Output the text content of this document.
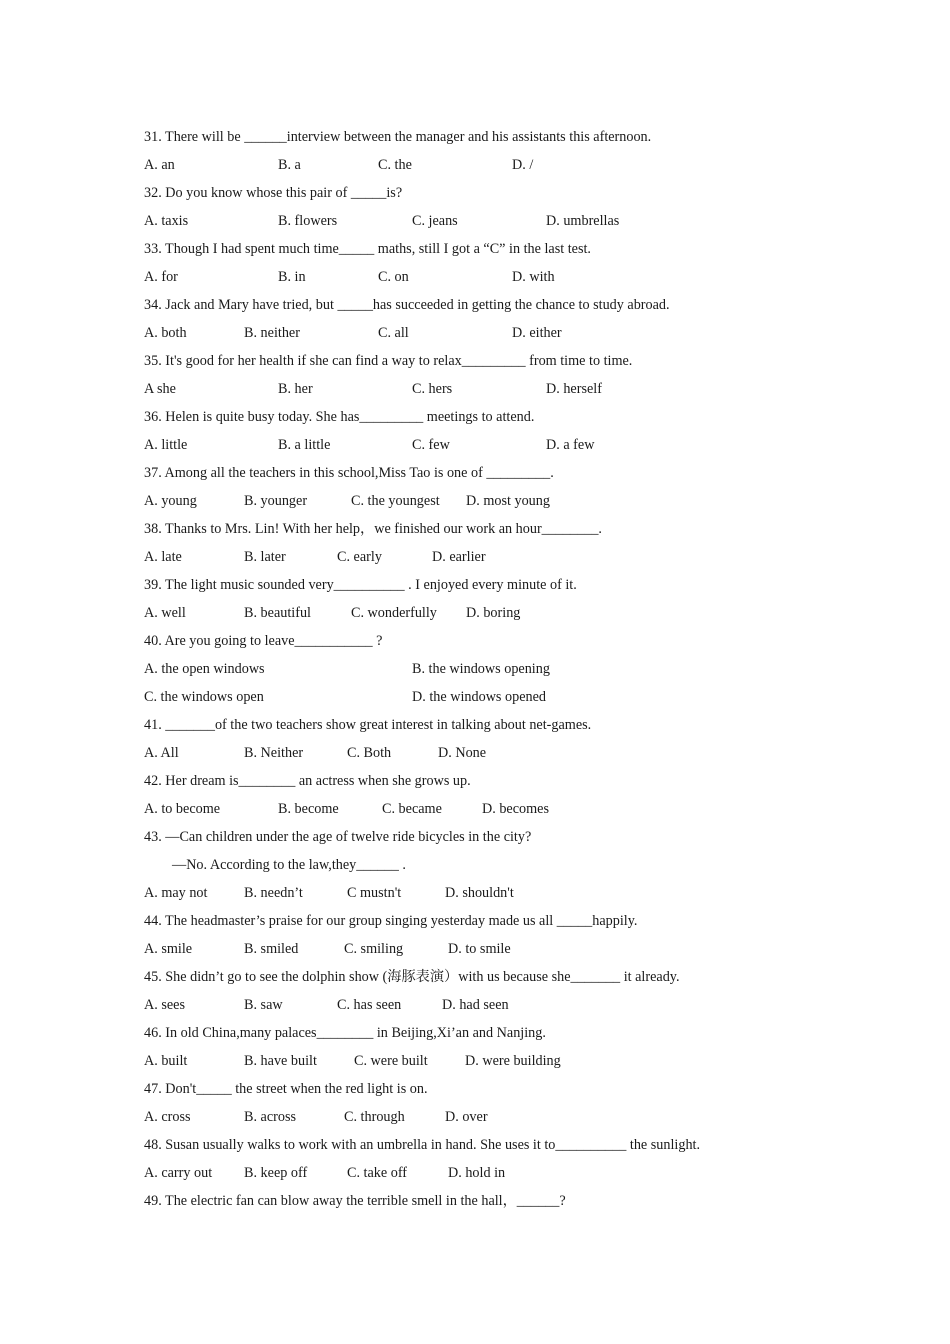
31. There will be ______interview between the manager and his assistants this afternoon.
A. an	B. a	C. the	D. /
32. Do you know whose this pair of _____is?
A. taxis	B. flowers	C. jeans	D. umbrellas
33. Though I had spent much time_____ maths, still I got a “C” in the last test.
A. for	B. in	C. on	D. with
34. Jack and Mary have tried, but _____has succeeded in getting the chance to study abroad.
A. both	B. neither	C. all	D. either
35. It's good for her health if she can find a way to relax_________ from time to time.
A she	B. her	C. hers	D. herself
36. Helen is quite busy today. She has_________ meetings to attend.
A. little	B. a little	C. few	D. a few
37. Among all the teachers in this school,Miss Tao is one of _________.
A. young	B. younger	C. the youngest D. most young
38. Thanks to Mrs. Lin! With her help，we finished our work an hour________.
A. late	B. later	C. early	D. earlier
39. The light music sounded very__________ . I enjoyed every minute of it.
A. well	B. beautiful	C. wonderfully D. boring
40. Are you going to leave___________ ?
A. the open windows	B. the windows opening
C. the windows open	D. the windows opened
41. _______of the two teachers show great interest in talking about net-games.
A. All	B. Neither	C. Both	D. None
42. Her dream is________ an actress when she grows up.
A. to become	B. become	C. became	D. becomes
43. —Can children under the age of twelve ride bicycles in the city?
—No. According to the law,they______ .
A. may not	B. needn’t	C mustn't	D. shouldn't
44. The headmaster’s praise for our group singing yesterday made us all _____happily.
A. smile	B. smiled	C. smiling	D. to smile
45. She didn’t go to see the dolphin show (海豚表演）with us because she_______ it already.
A. sees	B. saw	C. has seen	D. had seen
46. In old China,many palaces________ in Beijing,Xi’an and Nanjing.
A. built	B. have built	C. were built	D. were building
47. Don't_____ the street when the red light is on.
A. cross	B. across	C. through	D. over
48. Susan usually walks to work with an umbrella in hand. She uses it to__________ the sunlight.
A. carry out B. keep off	C. take off	D. hold in
49. The electric fan can blow away the terrible smell in the hall，______?
